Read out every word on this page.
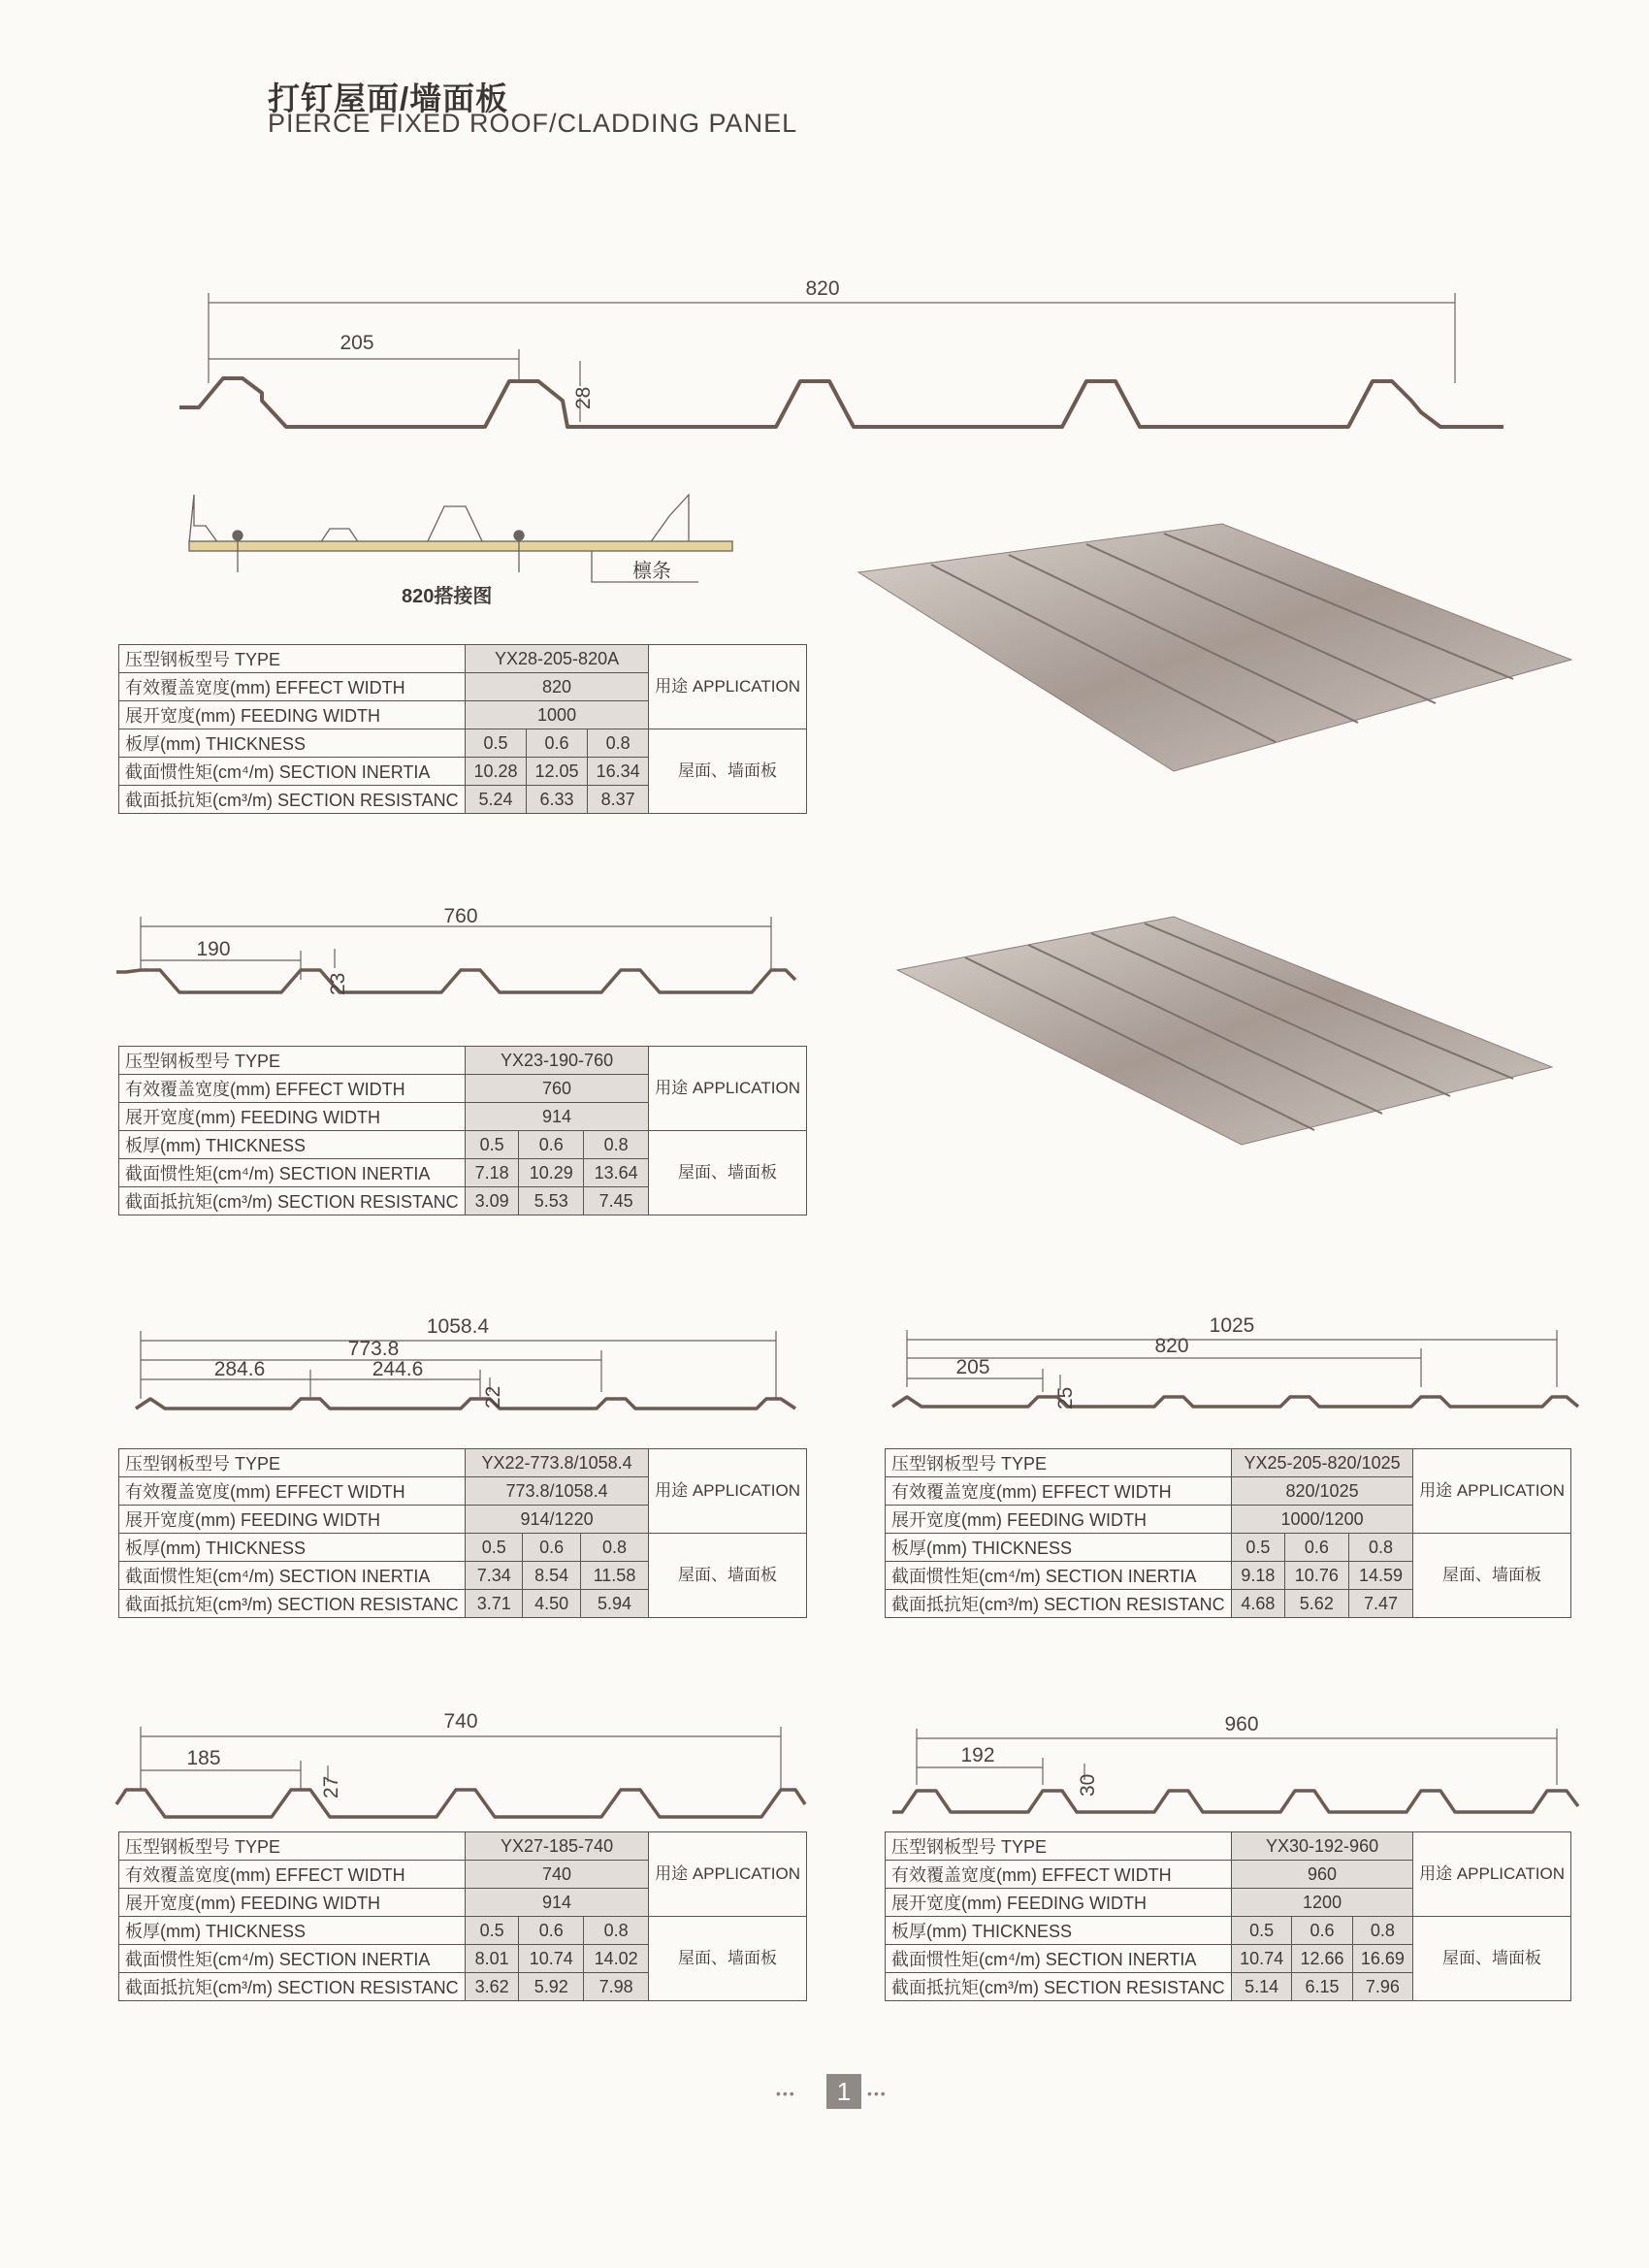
打钉屋面/墙面板
PIERCE FIXED ROOF/CLADDING PANEL
820
205
28
檩条
820搭接图
压型钢板型号 TYPE	YX28-205-820A			用途 APPLICATION
有效覆盖宽度(mm) EFFECT WIDTH	820			
展开宽度(mm) FEEDING WIDTH	1000			
板厚(mm) THICKNESS	0.5	0.6	0.8	屋面、墙面板
截面惯性矩(cm⁴/m) SECTION INERTIA	10.28	12.05	16.34	
截面抵抗矩(cm³/m) SECTION RESISTANC	5.24	6.33	8.37	
760
190
23
压型钢板型号 TYPE	YX23-190-760			用途 APPLICATION
有效覆盖宽度(mm) EFFECT WIDTH	760			
展开宽度(mm) FEEDING WIDTH	914			
板厚(mm) THICKNESS	0.5	0.6	0.8	屋面、墙面板
截面惯性矩(cm⁴/m) SECTION INERTIA	7.18	10.29	13.64	
截面抵抗矩(cm³/m) SECTION RESISTANC	3.09	5.53	7.45	
1058.4
773.8
284.6	244.6
22
压型钢板型号 TYPE	YX22-773.8/1058.4			用途 APPLICATION
有效覆盖宽度(mm) EFFECT WIDTH	773.8/1058.4			
展开宽度(mm) FEEDING WIDTH	914/1220			
板厚(mm) THICKNESS	0.5	0.6	0.8	屋面、墙面板
截面惯性矩(cm⁴/m) SECTION INERTIA	7.34	8.54	11.58	
截面抵抗矩(cm³/m) SECTION RESISTANC	3.71	4.50	5.94	
1025
820
205
25
压型钢板型号 TYPE	YX25-205-820/1025			用途 APPLICATION
有效覆盖宽度(mm) EFFECT WIDTH	820/1025			
展开宽度(mm) FEEDING WIDTH	1000/1200			
板厚(mm) THICKNESS	0.5	0.6	0.8	屋面、墙面板
截面惯性矩(cm⁴/m) SECTION INERTIA	9.18	10.76	14.59	
截面抵抗矩(cm³/m) SECTION RESISTANC	4.68	5.62	7.47	
740
185
27
压型钢板型号 TYPE	YX27-185-740			用途 APPLICATION
有效覆盖宽度(mm) EFFECT WIDTH	740			
展开宽度(mm) FEEDING WIDTH	914			
板厚(mm) THICKNESS	0.5	0.6	0.8	屋面、墙面板
截面惯性矩(cm⁴/m) SECTION INERTIA	8.01	10.74	14.02	
截面抵抗矩(cm³/m) SECTION RESISTANC	3.62	5.92	7.98	
960
192
30
压型钢板型号 TYPE	YX30-192-960			用途 APPLICATION
有效覆盖宽度(mm) EFFECT WIDTH	960			
展开宽度(mm) FEEDING WIDTH	1200			
板厚(mm) THICKNESS	0.5	0.6	0.8	屋面、墙面板
截面惯性矩(cm⁴/m) SECTION INERTIA	10.74	12.66	16.69	
截面抵抗矩(cm³/m) SECTION RESISTANC	5.14	6.15	7.96	
•••	1	•••
